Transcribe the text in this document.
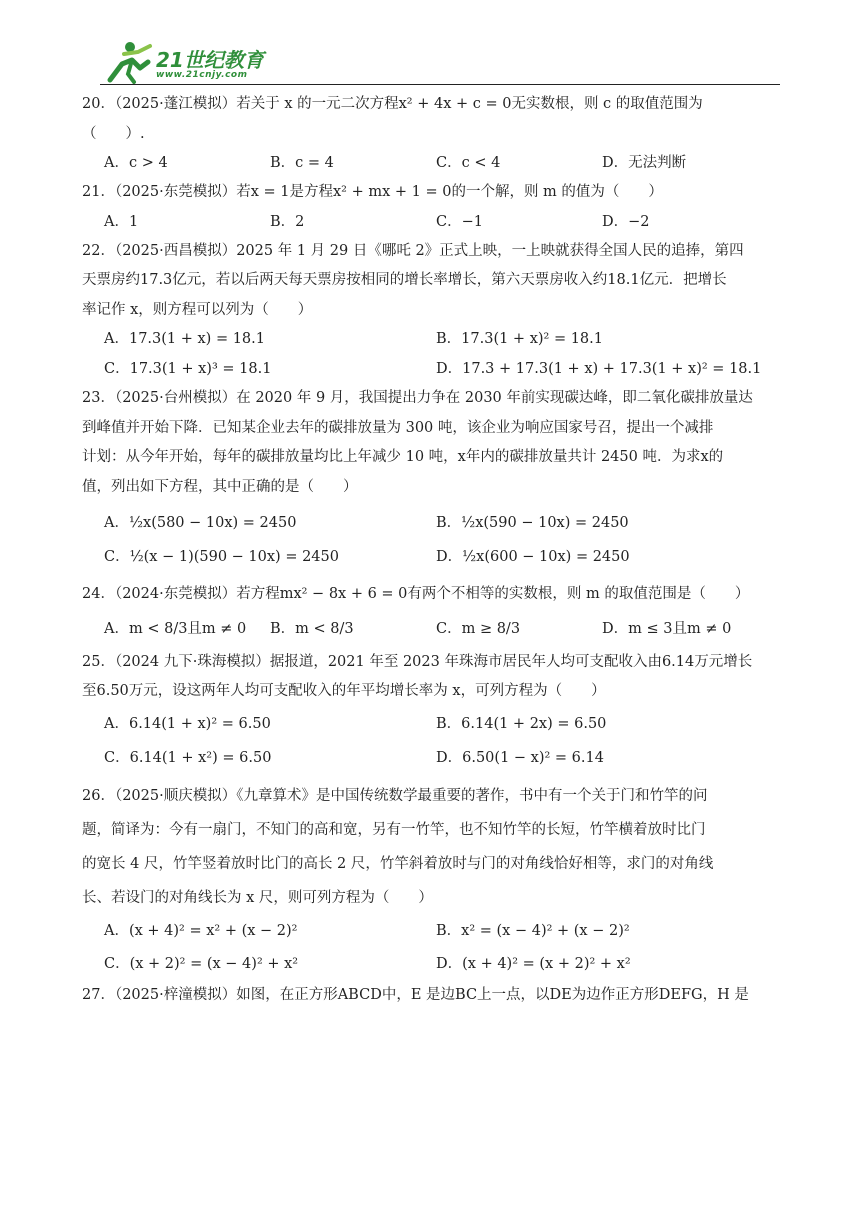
21世纪教育
www.21cnjy.com
20．（2025·蓬江模拟）若关于 x 的一元二次方程x² + 4x + c = 0无实数根，则 c 的取值范围为
（　　）.
A．c > 4	B．c = 4	C．c < 4	D．无法判断
21．（2025·东莞模拟）若x = 1是方程x² + mx + 1 = 0的一个解，则 m 的值为（　　）
A．1	B．2	C．−1	D．−2
22．（2025·西昌模拟）2025 年 1 月 29 日《哪吒 2》正式上映，一上映就获得全国人民的追捧，第四
天票房约17.3亿元，若以后两天每天票房按相同的增长率增长，第六天票房收入约18.1亿元．把增长
率记作 x，则方程可以列为（　　）
A．17.3(1 + x) = 18.1	B．17.3(1 + x)² = 18.1
C．17.3(1 + x)³ = 18.1	D．17.3 + 17.3(1 + x) + 17.3(1 + x)² = 18.1
23．（2025·台州模拟）在 2020 年 9 月，我国提出力争在 2030 年前实现碳达峰，即二氧化碳排放量达
到峰值并开始下降．已知某企业去年的碳排放量为 300 吨，该企业为响应国家号召，提出一个减排
计划：从今年开始，每年的碳排放量均比上年减少 10 吨，x年内的碳排放量共计 2450 吨．为求x的
值，列出如下方程，其中正确的是（　　）
A．½x(580 − 10x) = 2450	B．½x(590 − 10x) = 2450
C．½(x − 1)(590 − 10x) = 2450	D．½x(600 − 10x) = 2450
24．（2024·东莞模拟）若方程mx² − 8x + 6 = 0有两个不相等的实数根，则 m 的取值范围是（　　）
A．m < 8/3且m ≠ 0	B．m < 8/3	C．m ≥ 8/3	D．m ≤ 3且m ≠ 0
25．（2024 九下·珠海模拟）据报道，2021 年至 2023 年珠海市居民年人均可支配收入由6.14万元增长
至6.50万元，设这两年人均可支配收入的年平均增长率为 x，可列方程为（　　）
A．6.14(1 + x)² = 6.50	B．6.14(1 + 2x) = 6.50
C．6.14(1 + x²) = 6.50	D．6.50(1 − x)² = 6.14
26．（2025·顺庆模拟）《九章算术》是中国传统数学最重要的著作，书中有一个关于门和竹竿的问
题，简译为：今有一扇门，不知门的高和宽，另有一竹竿，也不知竹竿的长短，竹竿横着放时比门
的宽长 4 尺，竹竿竖着放时比门的高长 2 尺，竹竿斜着放时与门的对角线恰好相等，求门的对角线
长、若设门的对角线长为 x 尺，则可列方程为（　　）
A．(x + 4)² = x² + (x − 2)²	B．x² = (x − 4)² + (x − 2)²
C．(x + 2)² = (x − 4)² + x²	D．(x + 4)² = (x + 2)² + x²
27．（2025·梓潼模拟）如图，在正方形ABCD中，E 是边BC上一点，以DE为边作正方形DEFG，H 是
